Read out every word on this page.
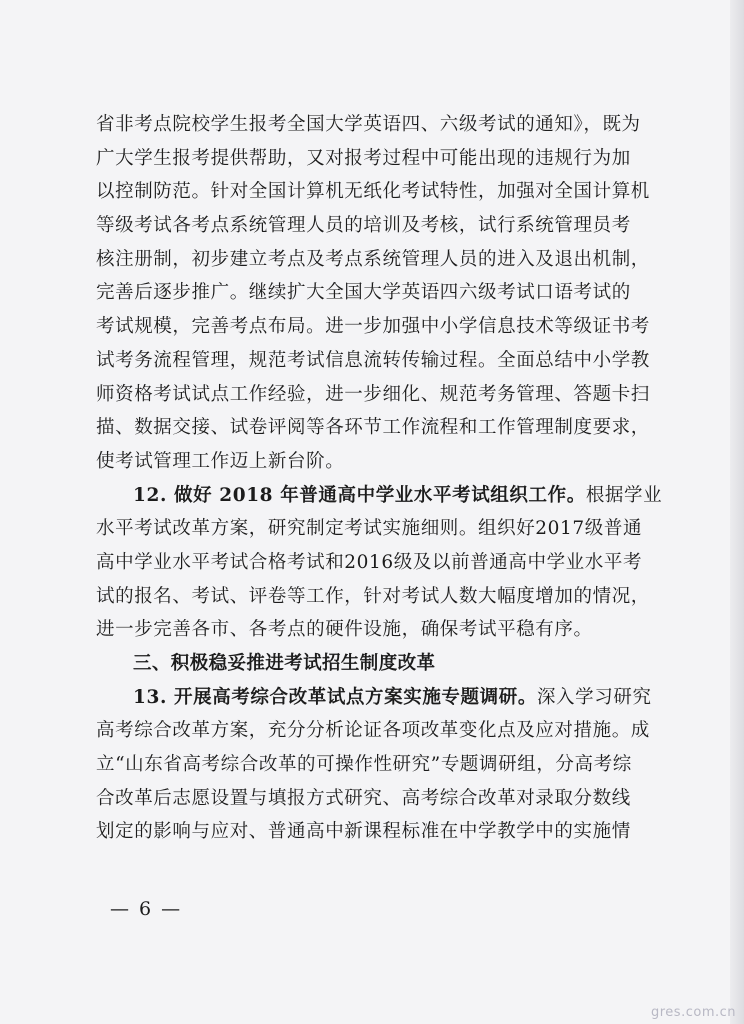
省非考点院校学生报考全国大学英语四、六级考试的通知》，既为
广大学生报考提供帮助，又对报考过程中可能出现的违规行为加
以控制防范。针对全国计算机无纸化考试特性，加强对全国计算机
等级考试各考点系统管理人员的培训及考核，试行系统管理员考
核注册制，初步建立考点及考点系统管理人员的进入及退出机制，
完善后逐步推广。继续扩大全国大学英语四六级考试口语考试的
考试规模，完善考点布局。进一步加强中小学信息技术等级证书考
试考务流程管理，规范考试信息流转传输过程。全面总结中小学教
师资格考试试点工作经验，进一步细化、规范考务管理、答题卡扫
描、数据交接、试卷评阅等各环节工作流程和工作管理制度要求，
使考试管理工作迈上新台阶。
12. 做好 2018 年普通高中学业水平考试组织工作。根据学业
水平考试改革方案，研究制定考试实施细则。组织好2017级普通
高中学业水平考试合格考试和2016级及以前普通高中学业水平考
试的报名、考试、评卷等工作，针对考试人数大幅度增加的情况，
进一步完善各市、各考点的硬件设施，确保考试平稳有序。
三、积极稳妥推进考试招生制度改革
13. 开展高考综合改革试点方案实施专题调研。深入学习研究
高考综合改革方案，充分分析论证各项改革变化点及应对措施。成
立“山东省高考综合改革的可操作性研究”专题调研组，分高考综
合改革后志愿设置与填报方式研究、高考综合改革对录取分数线
划定的影响与应对、普通高中新课程标准在中学教学中的实施情
— 6 —
gres.com.cn
